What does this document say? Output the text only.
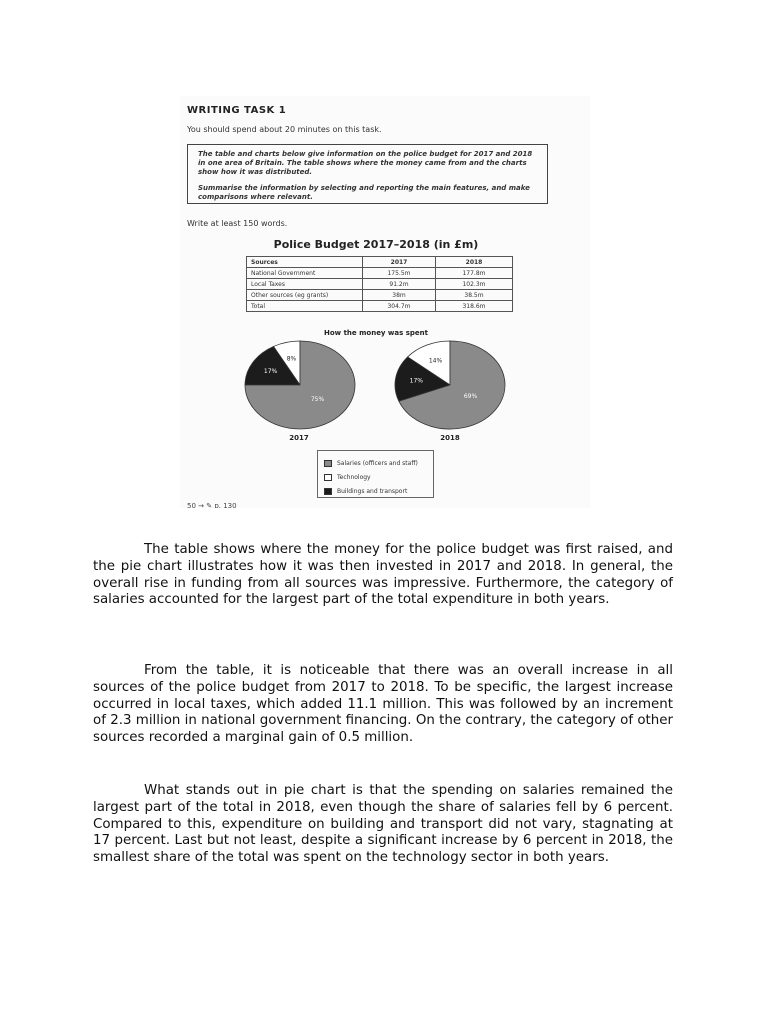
WRITING TASK 1
You should spend about 20 minutes on this task.

The table and charts below give information on the police budget for 2017 and 2018 in one area of Britain. The table shows where the money came from and the charts show how it was distributed.

Summarise the information by selecting and reporting the main features, and make comparisons where relevant.

Write at least 150 words.
Police Budget 2017–2018 (in £m)
Sources	2017	2018
National Government	175.5m	177.8m
Local Taxes	91.2m	102.3m
Other sources (eg grants)	38m	38.5m
Total	304.7m	318.6m
How the money was spent
8%
17%
75%
14%
17%
69%
2017	2018
Salaries (officers and staff)
Technology
Buildings and transport
50 → ✎ p. 130

The table shows where the money for the police budget was first raised, and the pie chart illustrates how it was then invested in 2017 and 2018. In general, the overall rise in funding from all sources was impressive. Furthermore, the category of salaries accounted for the largest part of the total expenditure in both years.

From the table, it is noticeable that there was an overall increase in all sources of the police budget from 2017 to 2018. To be specific, the largest increase occurred in local taxes, which added 11.1 million. This was followed by an increment of 2.3 million in national government financing. On the contrary, the category of other sources recorded a marginal gain of 0.5 million.

What stands out in pie chart is that the spending on salaries remained the largest part of the total in 2018, even though the share of salaries fell by 6 percent. Compared to this, expenditure on building and transport did not vary, stagnating at 17 percent. Last but not least, despite a significant increase by 6 percent in 2018, the smallest share of the total was spent on the technology sector in both years.
